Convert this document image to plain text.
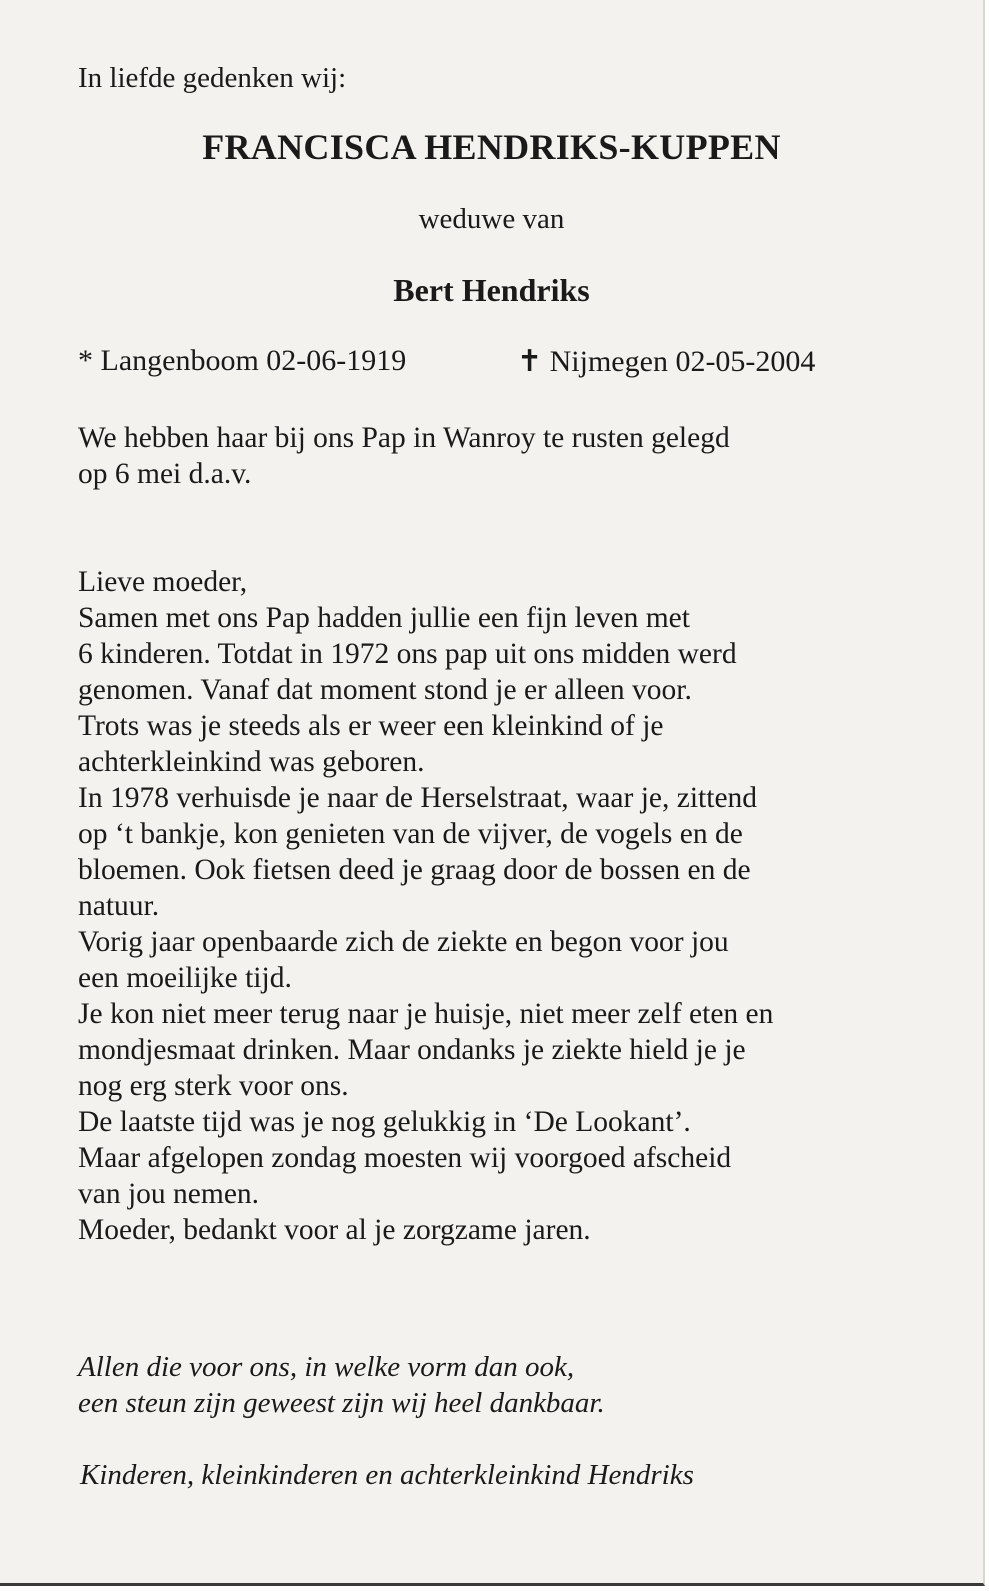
In liefde gedenken wij:
FRANCISCA HENDRIKS-KUPPEN
weduwe van
Bert Hendriks
* Langenboom 02-06-1919	✝ Nijmegen 02-05-2004
We hebben haar bij ons Pap in Wanroy te rusten gelegd
op 6 mei d.a.v.
Lieve moeder,
Samen met ons Pap hadden jullie een fijn leven met
6 kinderen. Totdat in 1972 ons pap uit ons midden werd
genomen. Vanaf dat moment stond je er alleen voor.
Trots was je steeds als er weer een kleinkind of je
achterkleinkind was geboren.
In 1978 verhuisde je naar de Herselstraat, waar je, zittend
op ‘t bankje, kon genieten van de vijver, de vogels en de
bloemen. Ook fietsen deed je graag door de bossen en de
natuur.
Vorig jaar openbaarde zich de ziekte en begon voor jou
een moeilijke tijd.
Je kon niet meer terug naar je huisje, niet meer zelf eten en
mondjesmaat drinken. Maar ondanks je ziekte hield je je
nog erg sterk voor ons.
De laatste tijd was je nog gelukkig in ‘De Lookant’.
Maar afgelopen zondag moesten wij voorgoed afscheid
van jou nemen.
Moeder, bedankt voor al je zorgzame jaren.
Allen die voor ons, in welke vorm dan ook,
een steun zijn geweest zijn wij heel dankbaar.
Kinderen, kleinkinderen en achterkleinkind Hendriks
